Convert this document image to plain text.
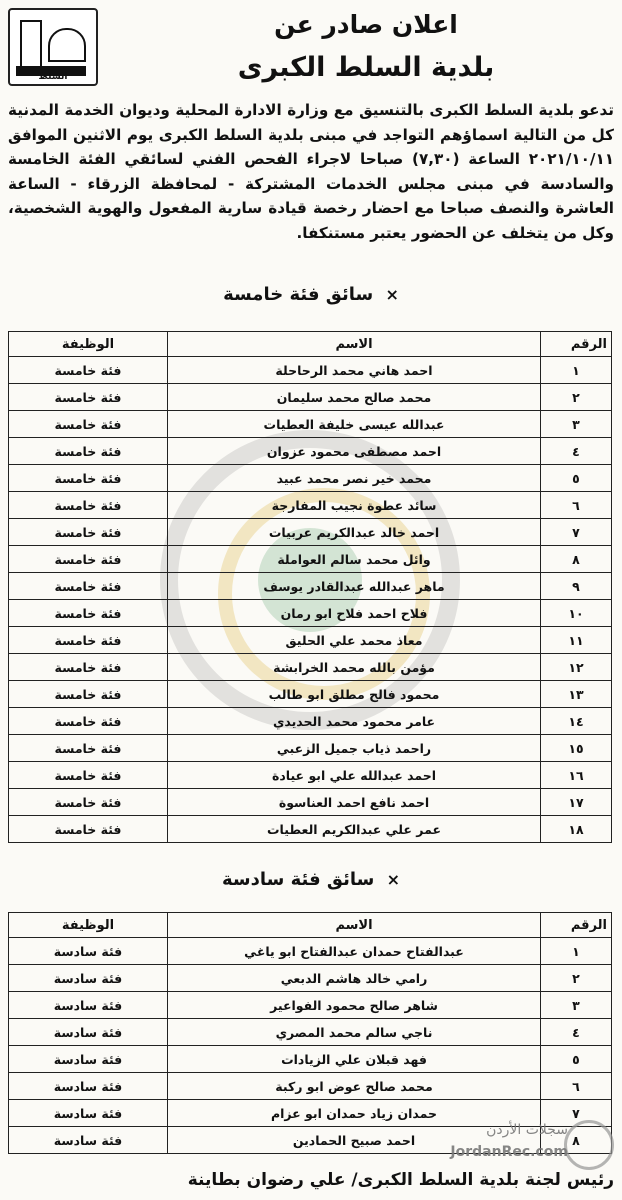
السلط
اعلان صادر عن
بلدية السلط الكبرى
تدعو بلدية السلط الكبرى بالتنسيق مع وزارة الادارة المحلية وديوان الخدمة المدنية كل من التالية اسماؤهم التواجد في مبنى بلدية السلط الكبرى يوم الاثنين الموافق ٢٠٢١/١٠/١١ الساعة (٧,٣٠) صباحا لاجراء الفحص الفني لسائقي الفئة الخامسة والسادسة في مبنى مجلس الخدمات المشتركة - لمحافظة الزرقاء - الساعة العاشرة والنصف صباحا مع احضار رخصة قيادة سارية المفعول والهوية الشخصية، وكل من يتخلف عن الحضور يعتبر مستنكفا.
× سائق فئة خامسة
الرقم	الاسم	الوظيفة
١	احمد هاني محمد الرحاحلة	فئة خامسة
٢	محمد صالح محمد سليمان	فئة خامسة
٣	عبدالله عيسى خليفة العطيات	فئة خامسة
٤	احمد مصطفى محمود عزوان	فئة خامسة
٥	محمد خير نصر محمد عبيد	فئة خامسة
٦	سائد عطوة نجيب المفارجة	فئة خامسة
٧	احمد خالد عبدالكريم عربيات	فئة خامسة
٨	وائل محمد سالم العواملة	فئة خامسة
٩	ماهر عبدالله عبدالقادر يوسف	فئة خامسة
١٠	فلاح احمد فلاح ابو رمان	فئة خامسة
١١	معاذ محمد علي الحليق	فئة خامسة
١٢	مؤمن بالله محمد الخرابشة	فئة خامسة
١٣	محمود فالح مطلق ابو طالب	فئة خامسة
١٤	عامر محمود محمد الحديدي	فئة خامسة
١٥	راحمد ذياب جميل الزعبي	فئة خامسة
١٦	احمد عبدالله علي ابو عيادة	فئة خامسة
١٧	احمد نافع احمد العناسوة	فئة خامسة
١٨	عمر علي عبدالكريم العطيات	فئة خامسة
× سائق فئة سادسة
الرقم	الاسم	الوظيفة
١	عبدالفتاح حمدان عبدالفتاح ابو ياغي	فئة سادسة
٢	رامي خالد هاشم الدبعي	فئة سادسة
٣	شاهر صالح محمود الفواعير	فئة سادسة
٤	ناجي سالم محمد المصري	فئة سادسة
٥	فهد قبلان علي الزيادات	فئة سادسة
٦	محمد صالح عوض ابو ركبة	فئة سادسة
٧	حمدان زياد حمدان ابو عزام	فئة سادسة
٨	احمد صبيح الحمادين	فئة سادسة
سجلات الأردن
JordanRec.com
رئيس لجنة بلدية السلط الكبرى/ علي رضوان بطاينة
